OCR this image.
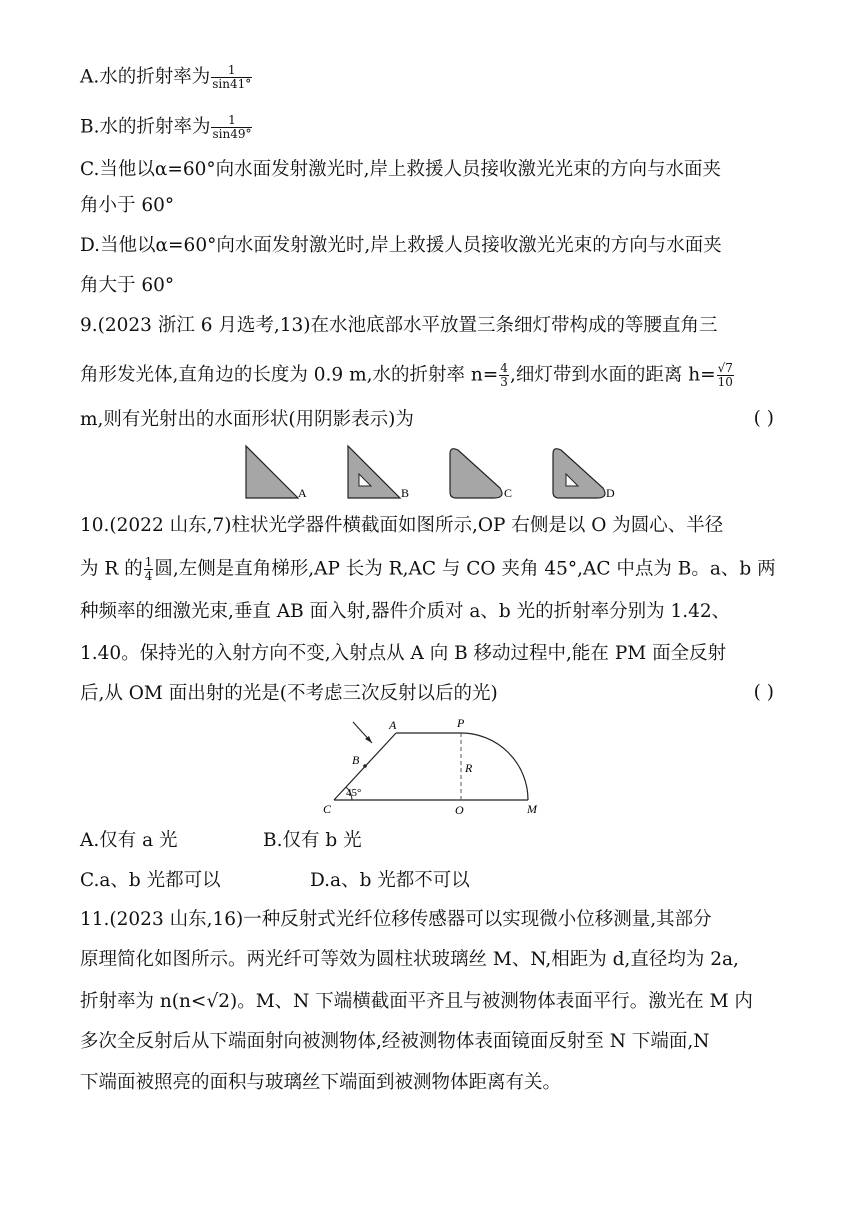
A.水的折射率为 $\frac{1}{\sin 41^\circ}$
B.水的折射率为 $\frac{1}{\sin 49^\circ}$
C.当他以α=60°向水面发射激光时,岸上救援人员接收激光光束的方向与水面夹
角小于 60°
D.当他以α=60°向水面发射激光时,岸上救援人员接收激光光束的方向与水面夹
角大于 60°
9.(2023 浙江 6 月选考,13)在水池底部水平放置三条细灯带构成的等腰直角三
角形发光体,直角边的长度为 0.9 m,水的折射率 $n= \frac{4}{3}$ ,细灯带到水面的距离 $h= \frac{√7}{10}$
m,则有光射出的水面形状(用阴影表示)为	( )
A	B	C	D
10.(2022 山东,7)柱状光学器件横截面如图所示,OP 右侧是以 O 为圆心、半径
为 R 的 $\frac{1}{4}$ 圆,左侧是直角梯形,AP 长为 R,AC 与 CO 夹角 45°,AC 中点为 B。a、b 两
种频率的细激光束,垂直 AB 面入射,器件介质对 a、b 光的折射率分别为 1.42、
1.40。保持光的入射方向不变,入射点从 A 向 B 移动过程中,能在 PM 面全反射
后,从 OM 面出射的光是(不考虑三次反射以后的光)	( )
45°
A	P
B
R
C	O	M
A.仅有 a 光	B.仅有 b 光
C.a、b 光都可以	D.a、b 光都不可以
11.(2023 山东,16)一种反射式光纤位移传感器可以实现微小位移测量,其部分
原理简化如图所示。两光纤可等效为圆柱状玻璃丝 M、N,相距为 d,直径均为 2a,
折射率为 n(n<√2)。M、N 下端横截面平齐且与被测物体表面平行。激光在 M 内
多次全反射后从下端面射向被测物体,经被测物体表面镜面反射至 N 下端面,N
下端面被照亮的面积与玻璃丝下端面到被测物体距离有关。
